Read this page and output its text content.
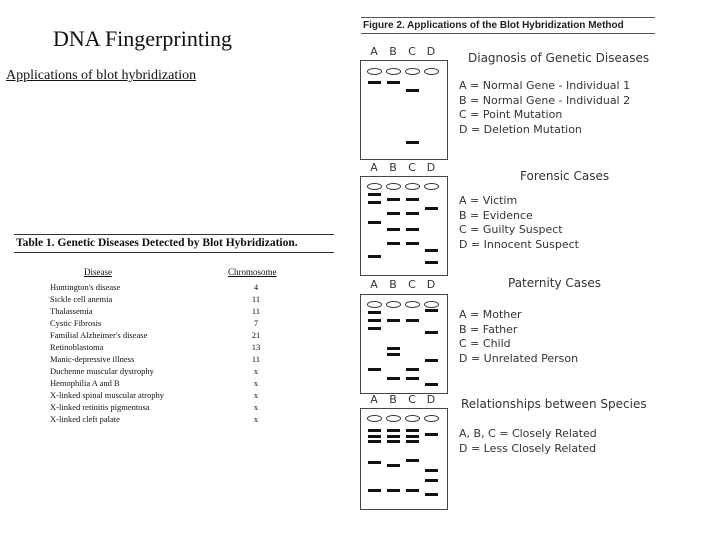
DNA Fingerprinting
Applications of blot hybridization
Table 1. Genetic Diseases Detected by Blot Hybridization.
Disease	Chromosome
Huntington's disease	4
Sickle cell anemia	11
Thalassemia	11
Cystic Fibrosis	7
Familial Alzheimer's disease	21
Retinoblastoma	13
Manic-depressive illness	11
Duchenne muscular dystrophy	x
Hemophilia A and B	x
X-linked spinal muscular atrophy	x
X-linked retinitis pigmentosa	x
X-linked cleft palate	x
Figure 2. Applications of the Blot Hybridization Method
A	B	C D	Diagnosis of Genetic Diseases
A = Normal Gene - Individual 1
B = Normal Gene - Individual 2
C = Point Mutation
D = Deletion Mutation
A	B	C D
Forensic Cases
A = Victim
B = Evidence
C = Guilty Suspect
D = Innocent Suspect
A	B	C D	Paternity Cases
A = Mother
B = Father
C = Child
D = Unrelated Person
A	B	C D	Relationships between Species
A, B, C = Closely Related
D = Less Closely Related
